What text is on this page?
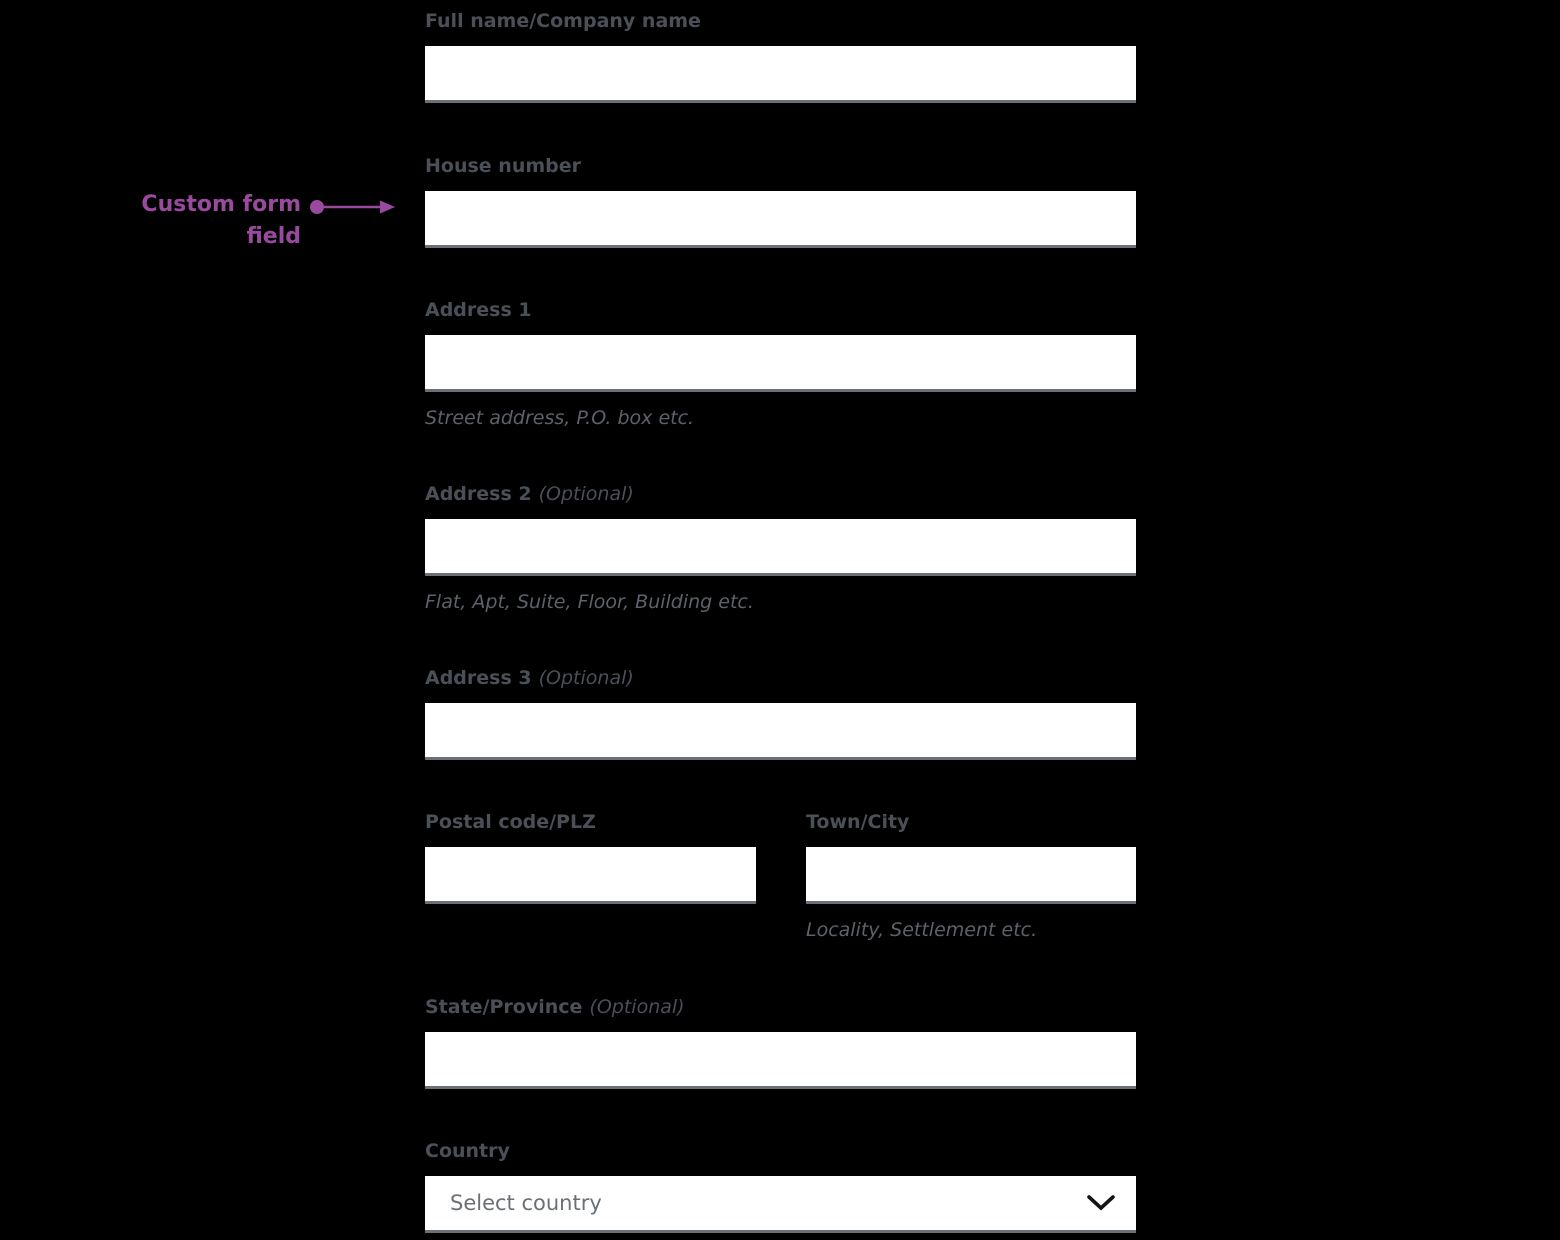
Custom form
field
Full name/Company name
House number
Address 1
Street address, P.O. box etc.
Address 2 (Optional)
Flat, Apt, Suite, Floor, Building etc.
Address 3 (Optional)
Postal code/PLZ	Town/City
Locality, Settlement etc.
State/Province (Optional)
Country
Select country
